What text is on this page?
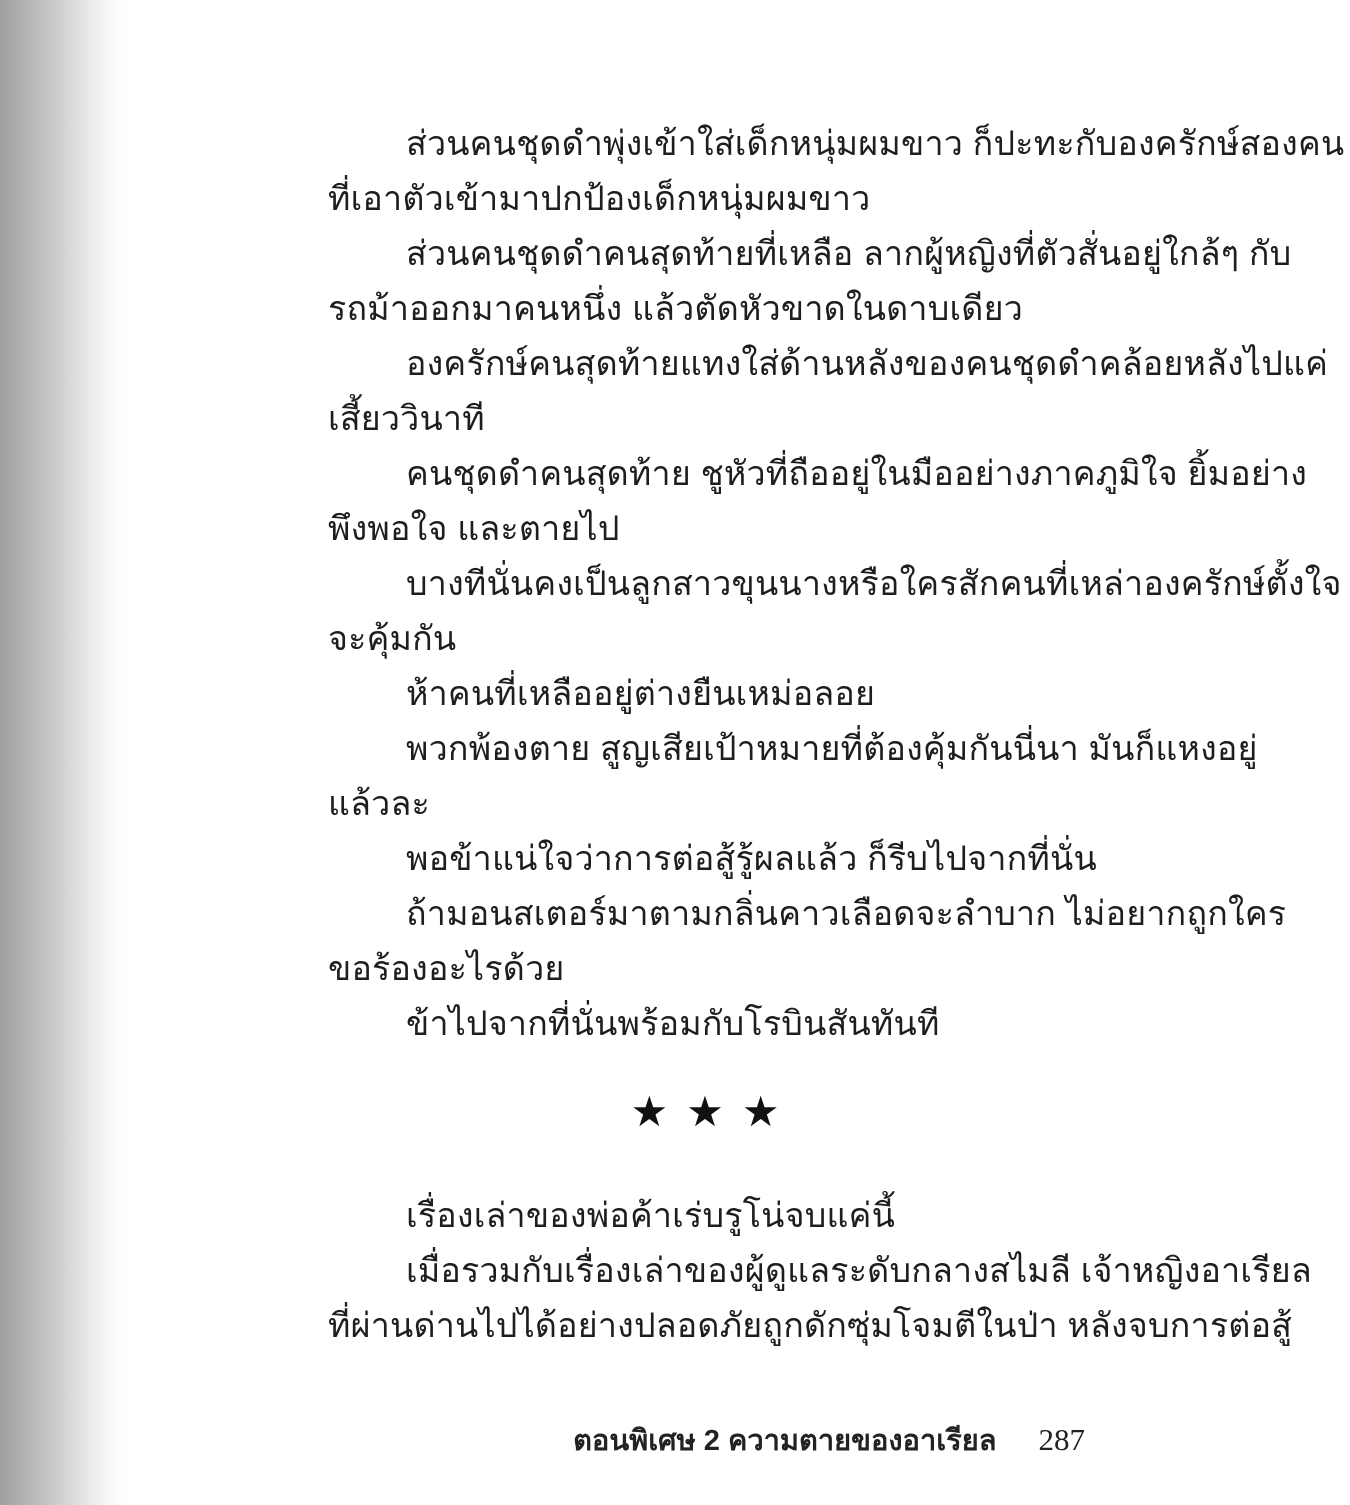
ส่วนคนชุดดำพุ่งเข้าใส่เด็กหนุ่มผมขาว ก็ปะทะกับองครักษ์สองคน
ที่เอาตัวเข้ามาปกป้องเด็กหนุ่มผมขาว
ส่วนคนชุดดำคนสุดท้ายที่เหลือ ลากผู้หญิงที่ตัวสั่นอยู่ใกล้ๆ กับ
รถม้าออกมาคนหนึ่ง แล้วตัดหัวขาดในดาบเดียว
องครักษ์คนสุดท้ายแทงใส่ด้านหลังของคนชุดดำคล้อยหลังไปแค่
เสี้ยววินาที
คนชุดดำคนสุดท้าย ชูหัวที่ถืออยู่ในมืออย่างภาคภูมิใจ ยิ้มอย่าง
พึงพอใจ และตายไป
บางทีนั่นคงเป็นลูกสาวขุนนางหรือใครสักคนที่เหล่าองครักษ์ตั้งใจ
จะคุ้มกัน
ห้าคนที่เหลืออยู่ต่างยืนเหม่อลอย
พวกพ้องตาย สูญเสียเป้าหมายที่ต้องคุ้มกันนี่นา มันก็แหงอยู่
แล้วละ
พอข้าแน่ใจว่าการต่อสู้รู้ผลแล้ว ก็รีบไปจากที่นั่น
ถ้ามอนสเตอร์มาตามกลิ่นคาวเลือดจะลำบาก ไม่อยากถูกใคร
ขอร้องอะไรด้วย
ข้าไปจากที่นั่นพร้อมกับโรบินสันทันที
★★★
เรื่องเล่าของพ่อค้าเร่บรูโน่จบแค่นี้
เมื่อรวมกับเรื่องเล่าของผู้ดูแลระดับกลางสไมลี เจ้าหญิงอาเรียล
ที่ผ่านด่านไปได้อย่างปลอดภัยถูกดักซุ่มโจมตีในป่า หลังจบการต่อสู้
ตอนพิเศษ 2 ความตายของอาเรียล 287
